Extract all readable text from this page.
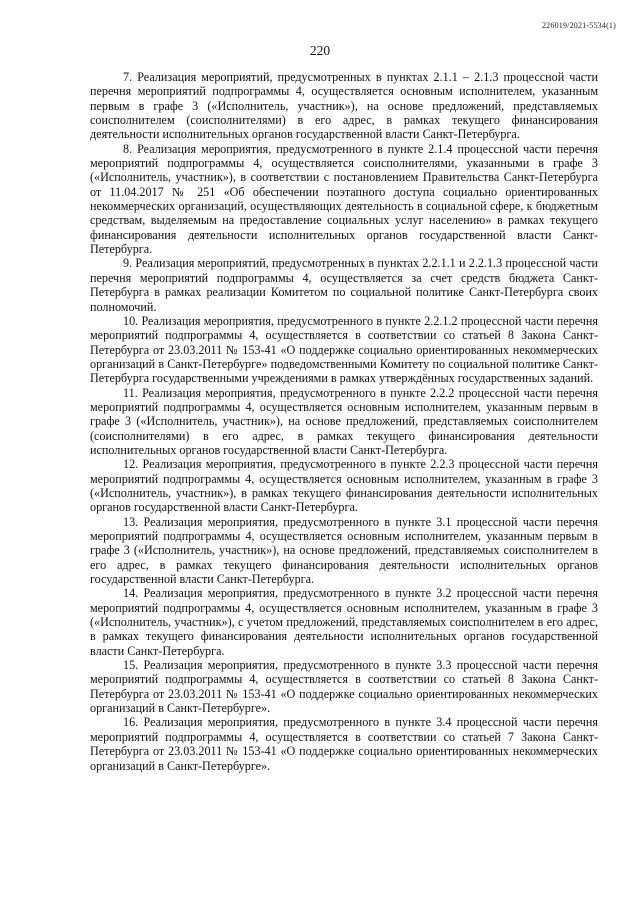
226019/2021-5534(1)
220

7. Реализация мероприятий, предусмотренных в пунктах 2.1.1 – 2.1.3 процессной части перечня мероприятий подпрограммы 4, осуществляется основным исполнителем, указанным первым в графе 3 («Исполнитель, участник»), на основе предложений, представляемых соисполнителем (соисполнителями) в его адрес, в рамках текущего финансирования деятельности исполнительных органов государственной власти Санкт-Петербурга.

8. Реализация мероприятия, предусмотренного в пункте 2.1.4 процессной части перечня мероприятий подпрограммы 4, осуществляется соисполнителями, указанными в графе 3 («Исполнитель, участник»), в соответствии с постановлением Правительства Санкт-Петербурга от 11.04.2017 № 251 «Об обеспечении поэтапного доступа социально ориентированных некоммерческих организаций, осуществляющих деятельность в социальной сфере, к бюджетным средствам, выделяемым на предоставление социальных услуг населению» в рамках текущего финансирования деятельности исполнительных органов государственной власти Санкт-Петербурга.

9. Реализация мероприятий, предусмотренных в пунктах 2.2.1.1 и 2.2.1.3 процессной части перечня мероприятий подпрограммы 4, осуществляется за счет средств бюджета Санкт-Петербурга в рамках реализации Комитетом по социальной политике Санкт-Петербурга своих полномочий.

10. Реализация мероприятия, предусмотренного в пункте 2.2.1.2 процессной части перечня мероприятий подпрограммы 4, осуществляется в соответствии со статьей 8 Закона Санкт-Петербурга от 23.03.2011 № 153-41 «О поддержке социально ориентированных некоммерческих организаций в Санкт-Петербурге» подведомственными Комитету по социальной политике Санкт-Петербурга государственными учреждениями в рамках утверждённых государственных заданий.

11. Реализация мероприятия, предусмотренного в пункте 2.2.2 процессной части перечня мероприятий подпрограммы 4, осуществляется основным исполнителем, указанным первым в графе 3 («Исполнитель, участник»), на основе предложений, представляемых соисполнителем (соисполнителями) в его адрес, в рамках текущего финансирования деятельности исполнительных органов государственной власти Санкт-Петербурга.

12. Реализация мероприятия, предусмотренного в пункте 2.2.3 процессной части перечня мероприятий подпрограммы 4, осуществляется основным исполнителем, указанным в графе 3 («Исполнитель, участник»), в рамках текущего финансирования деятельности исполнительных органов государственной власти Санкт-Петербурга.

13. Реализация мероприятия, предусмотренного в пункте 3.1 процессной части перечня мероприятий подпрограммы 4, осуществляется основным исполнителем, указанным первым в графе 3 («Исполнитель, участник»), на основе предложений, представляемых соисполнителем в его адрес, в рамках текущего финансирования деятельности исполнительных органов государственной власти Санкт-Петербурга.

14. Реализация мероприятия, предусмотренного в пункте 3.2 процессной части перечня мероприятий подпрограммы 4, осуществляется основным исполнителем, указанным в графе 3 («Исполнитель, участник»), с учетом предложений, представляемых соисполнителем в его адрес, в рамках текущего финансирования деятельности исполнительных органов государственной власти Санкт-Петербурга.

15. Реализация мероприятия, предусмотренного в пункте 3.3 процессной части перечня мероприятий подпрограммы 4, осуществляется в соответствии со статьей 8 Закона Санкт-Петербурга от 23.03.2011 № 153-41 «О поддержке социально ориентированных некоммерческих организаций в Санкт-Петербурге».

16. Реализация мероприятия, предусмотренного в пункте 3.4 процессной части перечня мероприятий подпрограммы 4, осуществляется в соответствии со статьей 7 Закона Санкт-Петербурга от 23.03.2011 № 153-41 «О поддержке социально ориентированных некоммерческих организаций в Санкт-Петербурге».
